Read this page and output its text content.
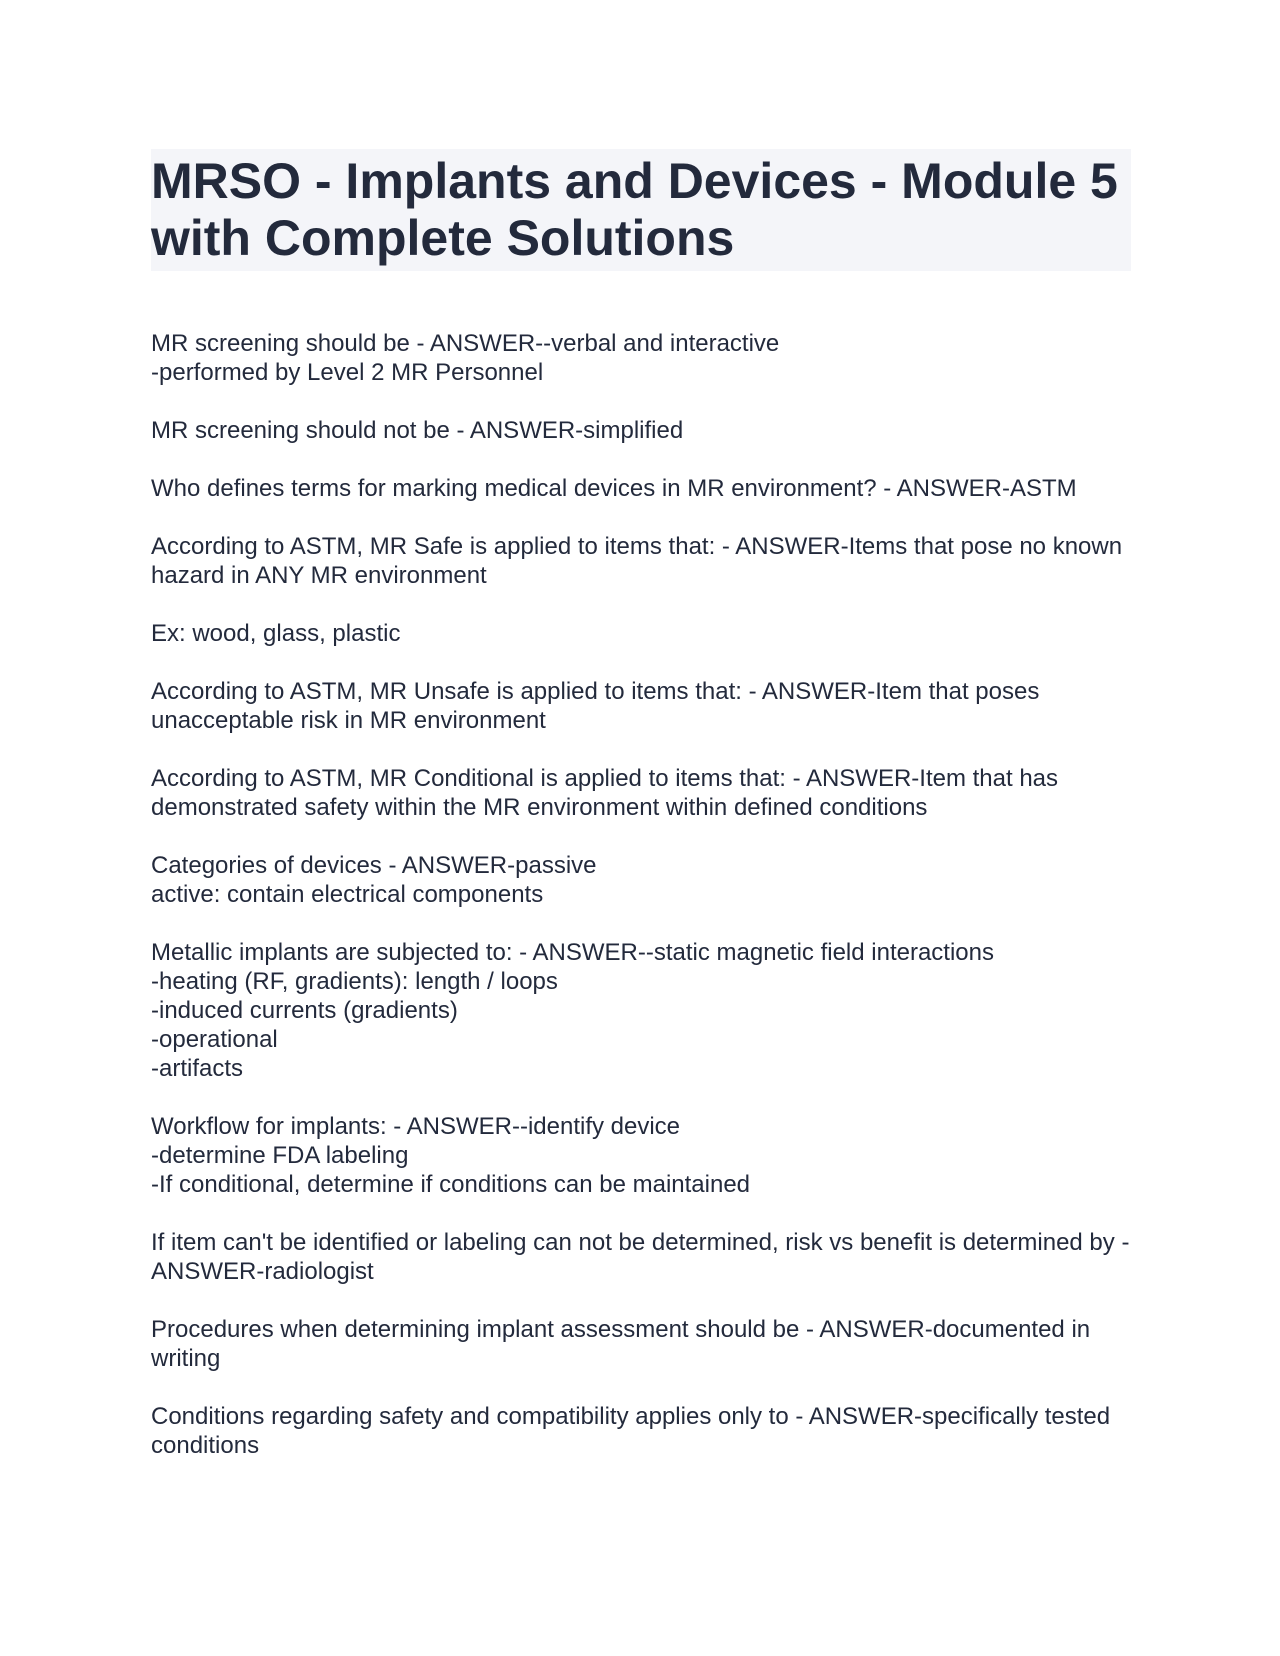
MRSO - Implants and Devices - Module 5 with Complete Solutions

MR screening should be - ANSWER--verbal and interactive
-performed by Level 2 MR Personnel

MR screening should not be - ANSWER-simplified

Who defines terms for marking medical devices in MR environment? - ANSWER-ASTM

According to ASTM, MR Safe is applied to items that: - ANSWER-Items that pose no known hazard in ANY MR environment

Ex: wood, glass, plastic

According to ASTM, MR Unsafe is applied to items that: - ANSWER-Item that poses unacceptable risk in MR environment

According to ASTM, MR Conditional is applied to items that: - ANSWER-Item that has demonstrated safety within the MR environment within defined conditions

Categories of devices - ANSWER-passive
active: contain electrical components

Metallic implants are subjected to: - ANSWER--static magnetic field interactions
-heating (RF, gradients): length / loops
-induced currents (gradients)
-operational
-artifacts

Workflow for implants: - ANSWER--identify device
-determine FDA labeling
-If conditional, determine if conditions can be maintained

If item can't be identified or labeling can not be determined, risk vs benefit is determined by - ANSWER-radiologist

Procedures when determining implant assessment should be - ANSWER-documented in writing

Conditions regarding safety and compatibility applies only to - ANSWER-specifically tested conditions
